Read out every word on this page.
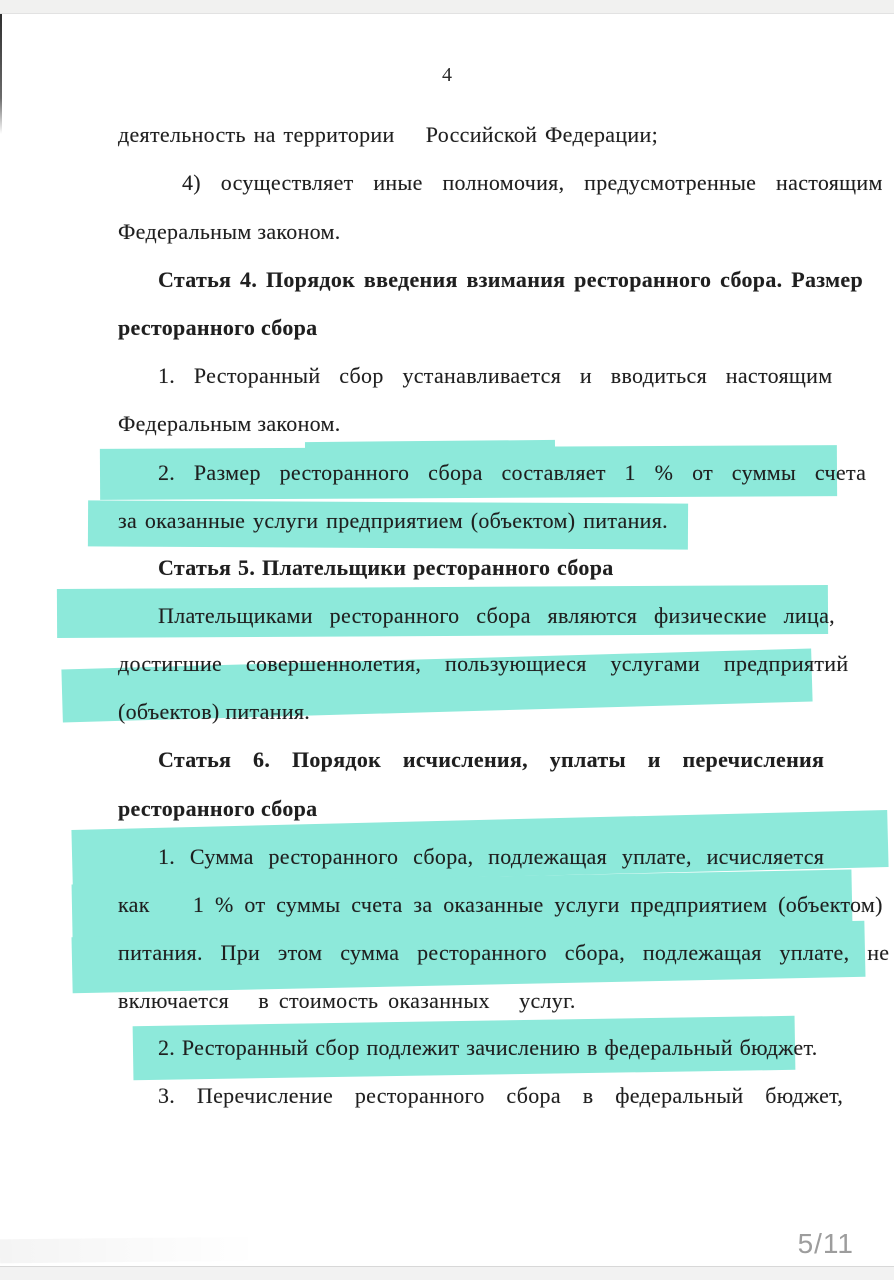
4
деятельность на территории    Российской Федерации;
4) осуществляет иные полномочия, предусмотренные настоящим
Федеральным законом.
Статья 4. Порядок введения взимания ресторанного сбора. Размер
ресторанного сбора
1. Ресторанный сбор устанавливается и вводиться настоящим
Федеральным законом.
2. Размер ресторанного сбора составляет 1 % от суммы счета
за оказанные услуги предприятием (объектом) питания.
Статья 5. Плательщики ресторанного сбора
Плательщиками ресторанного сбора являются физические лица,
достигшие совершеннолетия, пользующиеся услугами предприятий
(объектов) питания.
Статья 6. Порядок исчисления, уплаты и перечисления
ресторанного сбора
1. Сумма ресторанного сбора, подлежащая уплате, исчисляется
как    1 % от суммы счета за оказанные услуги предприятием (объектом)
питания. При этом сумма ресторанного сбора, подлежащая уплате, не
включается   в стоимость оказанных   услуг.
2. Ресторанный сбор подлежит зачислению в федеральный бюджет.
3. Перечисление ресторанного сбора в федеральный бюджет,
5/11
